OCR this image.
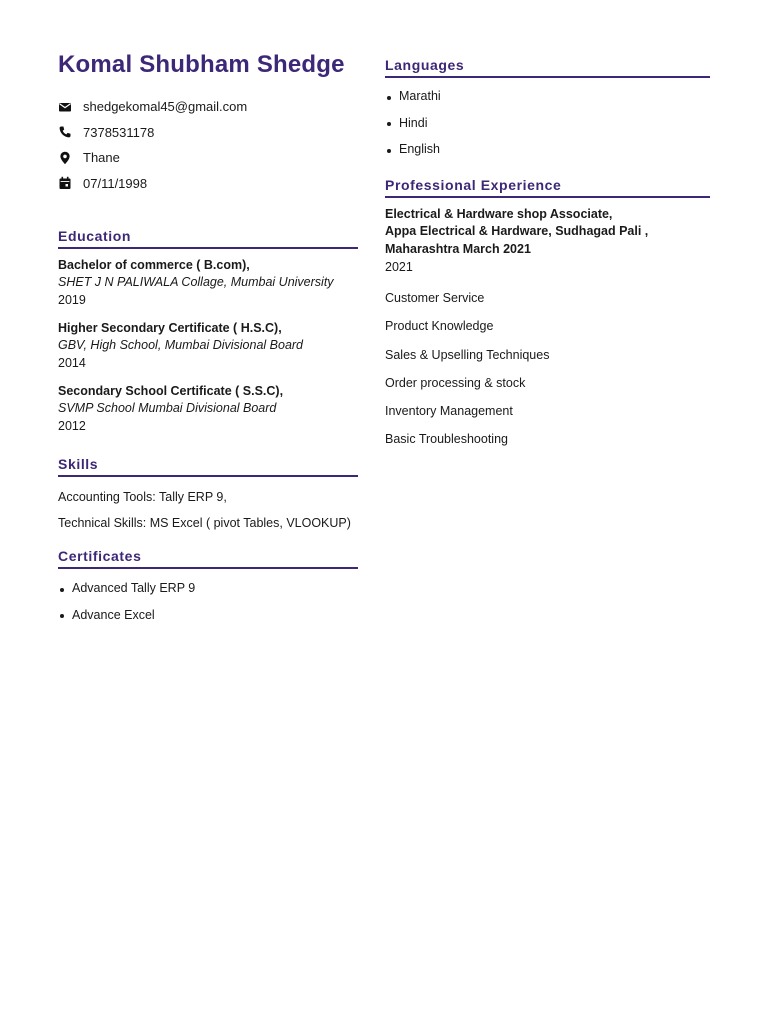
Komal Shubham Shedge
shedgekomal45@gmail.com
7378531178
Thane
07/11/1998
Education
Bachelor of commerce ( B.com),
SHET J N PALIWALA Collage, Mumbai University
2019
Higher Secondary Certificate ( H.S.C),
GBV, High School, Mumbai Divisional Board
2014
Secondary School Certificate ( S.S.C),
SVMP School Mumbai Divisional Board
2012
Skills
Accounting Tools: Tally ERP 9,
Technical Skills: MS Excel ( pivot Tables, VLOOKUP)
Certificates
Advanced Tally ERP 9
Advance Excel
Languages
Marathi
Hindi
English
Professional Experience
Electrical & Hardware shop Associate,
Appa Electrical & Hardware, Sudhagad Pali ,
Maharashtra March 2021
2021
Customer Service
Product Knowledge
Sales & Upselling Techniques
Order processing & stock
Inventory Management
Basic Troubleshooting
